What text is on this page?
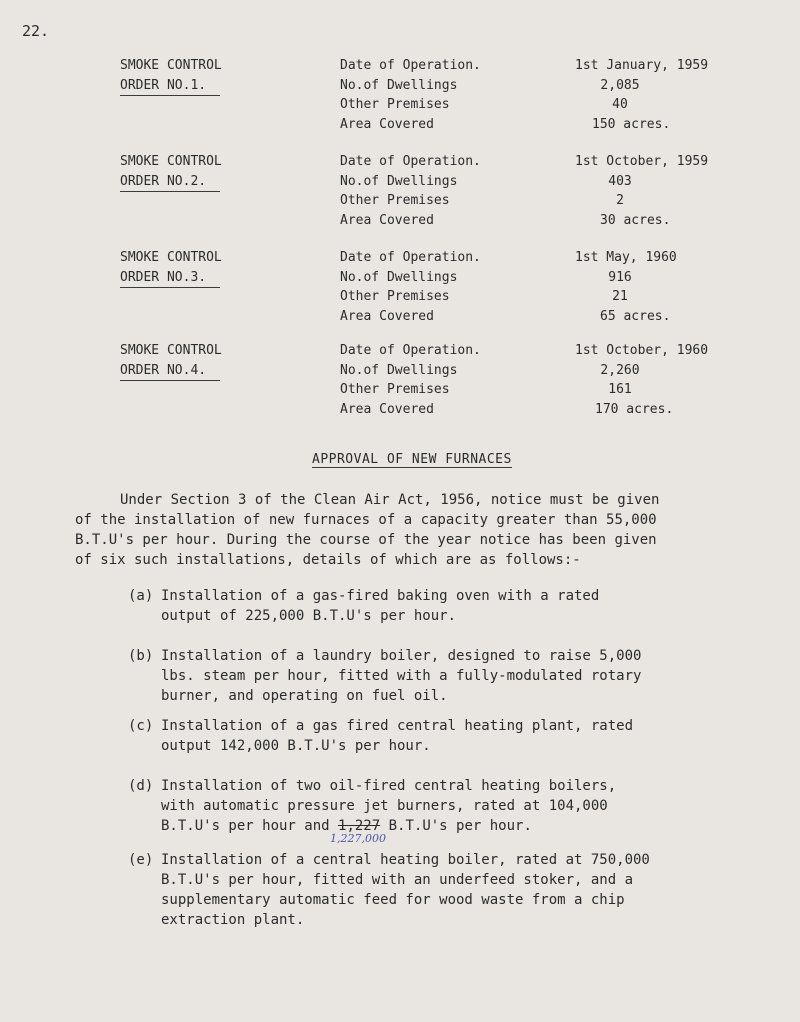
22.
SMOKE CONTROL	Date of Operation.	1st January, 1959
ORDER NO.1.	No.of Dwellings	2,085
Other Premises	40
Area Covered	150 acres.
SMOKE CONTROL	Date of Operation.	1st October, 1959
ORDER NO.2.	No.of Dwellings	403
Other Premises	2
Area Covered	30 acres.
SMOKE CONTROL	Date of Operation.	1st May, 1960
ORDER NO.3.	No.of Dwellings	916
Other Premises	21
Area Covered	65 acres.
SMOKE CONTROL	Date of Operation.	1st October, 1960
ORDER NO.4.	No.of Dwellings	2,260
Other Premises	161
Area Covered	170 acres.
APPROVAL OF NEW FURNACES
Under Section 3 of the Clean Air Act, 1956, notice must be given
of the installation of new furnaces of a capacity greater than 55,000
B.T.U's per hour. During the course of the year notice has been given
of six such installations, details of which are as follows:-
(a) Installation of a gas-fired baking oven with a rated
output of 225,000 B.T.U's per hour.
(b) Installation of a laundry boiler, designed to raise 5,000
lbs. steam per hour, fitted with a fully-modulated rotary
burner, and operating on fuel oil.
(c) Installation of a gas fired central heating plant, rated
output 142,000 B.T.U's per hour.
(d) Installation of two oil-fired central heating boilers,
with automatic pressure jet burners, rated at 104,000
B.T.U's per hour and 1,227 B.T.U's per hour.
1,227,000
(e) Installation of a central heating boiler, rated at 750,000
B.T.U's per hour, fitted with an underfeed stoker, and a
supplementary automatic feed for wood waste from a chip
extraction plant.
